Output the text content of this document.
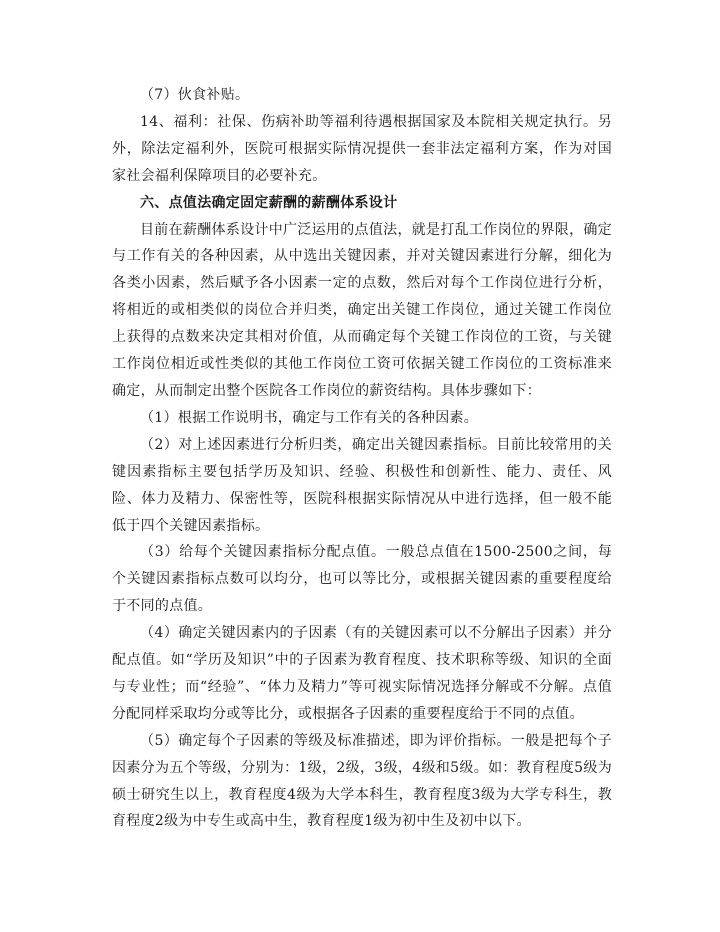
（7）伙食补贴。

14、福利：社保、伤病补助等福利待遇根据国家及本院相关规定执行。另外，除法定福利外，医院可根据实际情况提供一套非法定福利方案，作为对国家社会福利保障项目的必要补充。

六、点值法确定固定薪酬的薪酬体系设计

目前在薪酬体系设计中广泛运用的点值法，就是打乱工作岗位的界限，确定与工作有关的各种因素，从中选出关键因素，并对关键因素进行分解，细化为各类小因素，然后赋予各小因素一定的点数，然后对每个工作岗位进行分析，将相近的或相类似的岗位合并归类，确定出关键工作岗位，通过关键工作岗位上获得的点数来决定其相对价值，从而确定每个关键工作岗位的工资，与关键工作岗位相近或性类似的其他工作岗位工资可依据关键工作岗位的工资标准来确定，从而制定出整个医院各工作岗位的薪资结构。具体步骤如下：

（1）根据工作说明书，确定与工作有关的各种因素。

（2）对上述因素进行分析归类，确定出关键因素指标。目前比较常用的关键因素指标主要包括学历及知识、经验、积极性和创新性、能力、责任、风险、体力及精力、保密性等，医院科根据实际情况从中进行选择，但一般不能低于四个关键因素指标。

（3）给每个关键因素指标分配点值。一般总点值在1500-2500之间，每个关键因素指标点数可以均分，也可以等比分，或根据关键因素的重要程度给于不同的点值。

（4）确定关键因素内的子因素（有的关键因素可以不分解出子因素）并分配点值。如“学历及知识”中的子因素为教育程度、技术职称等级、知识的全面与专业性；而“经验”、“体力及精力”等可视实际情况选择分解或不分解。点值分配同样采取均分或等比分，或根据各子因素的重要程度给于不同的点值。

（5）确定每个子因素的等级及标准描述，即为评价指标。一般是把每个子因素分为五个等级，分别为：1级，2级，3级，4级和5级。如：教育程度5级为硕士研究生以上，教育程度4级为大学本科生，教育程度3级为大学专科生，教育程度2级为中专生或高中生，教育程度1级为初中生及初中以下。
